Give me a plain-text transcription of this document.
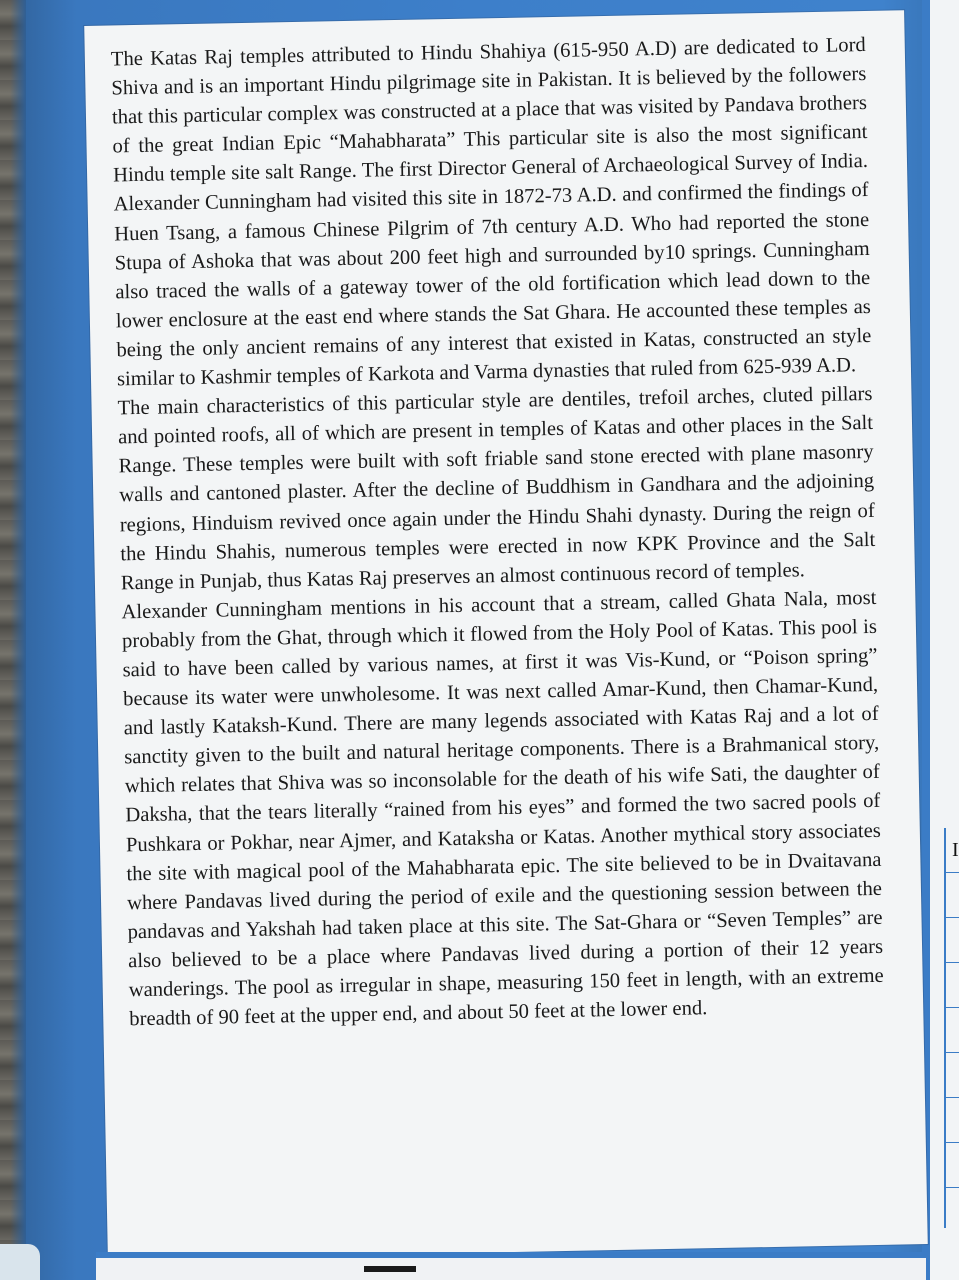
I

The Katas Raj temples attributed to Hindu Shahiya (615-950 A.D) are dedicated to Lord Shiva and is an important Hindu pilgrimage site in Pakistan. It is believed by the followers that this particular complex was constructed at a place that was visited by Pandava brothers of the great Indian Epic “Mahabharata” This particular site is also the most significant Hindu temple site salt Range. The first Director General of Archaeological Survey of India. Alexander Cunningham had visited this site in 1872-73 A.D. and confirmed the findings of Huen Tsang, a famous Chinese Pilgrim of 7th century A.D. Who had reported the stone Stupa of Ashoka that was about 200 feet high and surrounded by10 springs. Cunningham also traced the walls of a gateway tower of the old fortification which lead down to the lower enclosure at the east end where stands the Sat Ghara. He accounted these temples as being the only ancient remains of any interest that existed in Katas, constructed an style similar to Kashmir temples of Karkota and Varma dynasties that ruled from 625-939 A.D.

The main characteristics of this particular style are dentiles, trefoil arches, cluted pillars and pointed roofs, all of which are present in temples of Katas and other places in the Salt Range. These temples were built with soft friable sand stone erected with plane masonry walls and cantoned plaster. After the decline of Buddhism in Gandhara and the adjoining regions, Hinduism revived once again under the Hindu Shahi dynasty. During the reign of the Hindu Shahis, numerous temples were erected in now KPK Province and the Salt Range in Punjab, thus Katas Raj preserves an almost continuous record of temples.

Alexander Cunningham mentions in his account that a stream, called Ghata Nala, most probably from the Ghat, through which it flowed from the Holy Pool of Katas. This pool is said to have been called by various names, at first it was Vis-Kund, or “Poison spring” because its water were unwholesome. It was next called Amar-Kund, then Chamar-Kund, and lastly Kataksh-Kund. There are many legends associated with Katas Raj and a lot of sanctity given to the built and natural heritage components. There is a Brahmanical story, which relates that Shiva was so inconsolable for the death of his wife Sati, the daughter of Daksha, that the tears literally “rained from his eyes” and formed the two sacred pools of Pushkara or Pokhar, near Ajmer, and Kataksha or Katas. Another mythical story associates the site with magical pool of the Mahabharata epic. The site believed to be in Dvaitavana where Pandavas lived during the period of exile and the questioning session between the pandavas and Yakshah had taken place at this site. The Sat-Ghara or “Seven Temples” are also believed to be a place where Pandavas lived during a portion of their 12 years wanderings. The pool as irregular in shape, measuring 150 feet in length, with an extreme breadth of 90 feet at the upper end, and about 50 feet at the lower end.
